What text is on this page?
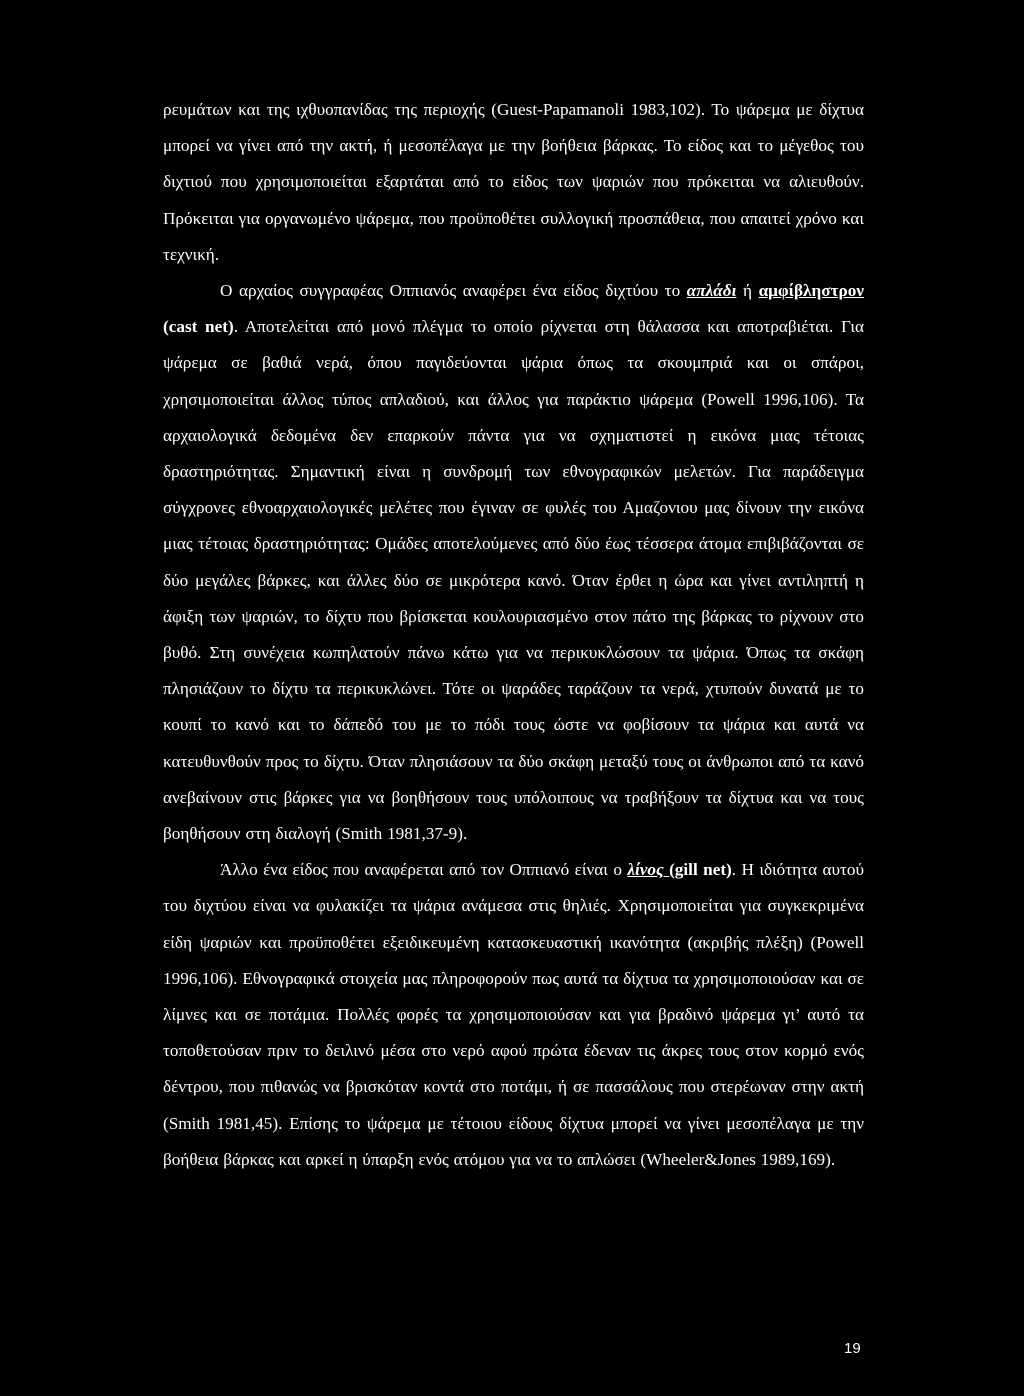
ρευμάτων και της ιχθυοπανίδας της περιοχής (Guest-Papamanoli 1983,102). Το ψάρεμα με δίχτυα μπορεί να γίνει από την ακτή, ή μεσοπέλαγα με την βοήθεια βάρκας. Το είδος και το μέγεθος του διχτιού που χρησιμοποιείται εξαρτάται από το είδος των ψαριών που πρόκειται να αλιευθούν. Πρόκειται για οργανωμένο ψάρεμα, που προϋποθέτει συλλογική προσπάθεια, που απαιτεί χρόνο και τεχνική.

Ο αρχαίος συγγραφέας Οππιανός αναφέρει ένα είδος διχτύου το απλάδι ή αμφίβληστρον (cast net). Αποτελείται από μονό πλέγμα το οποίο ρίχνεται στη θάλασσα και αποτραβιέται. Για ψάρεμα σε βαθιά νερά, όπου παγιδεύονται ψάρια όπως τα σκουμπριά και οι σπάροι, χρησιμοποιείται άλλος τύπος απλαδιού, και άλλος για παράκτιο ψάρεμα (Powell 1996,106). Τα αρχαιολογικά δεδομένα δεν επαρκούν πάντα για να σχηματιστεί η εικόνα μιας τέτοιας δραστηριότητας. Σημαντική είναι η συνδρομή των εθνογραφικών μελετών. Για παράδειγμα σύγχρονες εθνοαρχαιολογικές μελέτες που έγιναν σε φυλές του Αμαζονιου μας δίνουν την εικόνα μιας τέτοιας δραστηριότητας: Ομάδες αποτελούμενες από δύο έως τέσσερα άτομα επιβιβάζονται σε δύο μεγάλες βάρκες, και άλλες δύο σε μικρότερα κανό. Όταν έρθει η ώρα και γίνει αντιληπτή η άφιξη των ψαριών, το δίχτυ που βρίσκεται κουλουριασμένο στον πάτο της βάρκας το ρίχνουν στο βυθό. Στη συνέχεια κωπηλατούν πάνω κάτω για να περικυκλώσουν τα ψάρια. Όπως τα σκάφη πλησιάζουν το δίχτυ τα περικυκλώνει. Τότε οι ψαράδες ταράζουν τα νερά, χτυπούν δυνατά με το κουπί το κανό και το δάπεδό του με το πόδι τους ώστε να φοβίσουν τα ψάρια και αυτά να κατευθυνθούν προς το δίχτυ. Όταν πλησιάσουν τα δύο σκάφη μεταξύ τους οι άνθρωποι από τα κανό ανεβαίνουν στις βάρκες για να βοηθήσουν τους υπόλοιπους να τραβήξουν τα δίχτυα και να τους βοηθήσουν στη διαλογή (Smith 1981,37-9).

Άλλο ένα είδος που αναφέρεται από τον Οππιανό είναι ο λίνος (gill net). Η ιδιότητα αυτού του διχτύου είναι να φυλακίζει τα ψάρια ανάμεσα στις θηλιές. Χρησιμοποιείται για συγκεκριμένα είδη ψαριών και προϋποθέτει εξειδικευμένη κατασκευαστική ικανότητα (ακριβής πλέξη) (Powell 1996,106). Εθνογραφικά στοιχεία μας πληροφορούν πως αυτά τα δίχτυα τα χρησιμοποιούσαν και σε λίμνες και σε ποτάμια. Πολλές φορές τα χρησιμοποιούσαν και για βραδινό ψάρεμα γι’ αυτό τα τοποθετούσαν πριν το δειλινό μέσα στο νερό αφού πρώτα έδεναν τις άκρες τους στον κορμό ενός δέντρου, που πιθανώς να βρισκόταν κοντά στο ποτάμι, ή σε πασσάλους που στερέωναν στην ακτή (Smith 1981,45). Επίσης το ψάρεμα με τέτοιου είδους δίχτυα μπορεί να γίνει μεσοπέλαγα με την βοήθεια βάρκας και αρκεί η ύπαρξη ενός ατόμου για να το απλώσει (Wheeler&Jones 1989,169).

19
